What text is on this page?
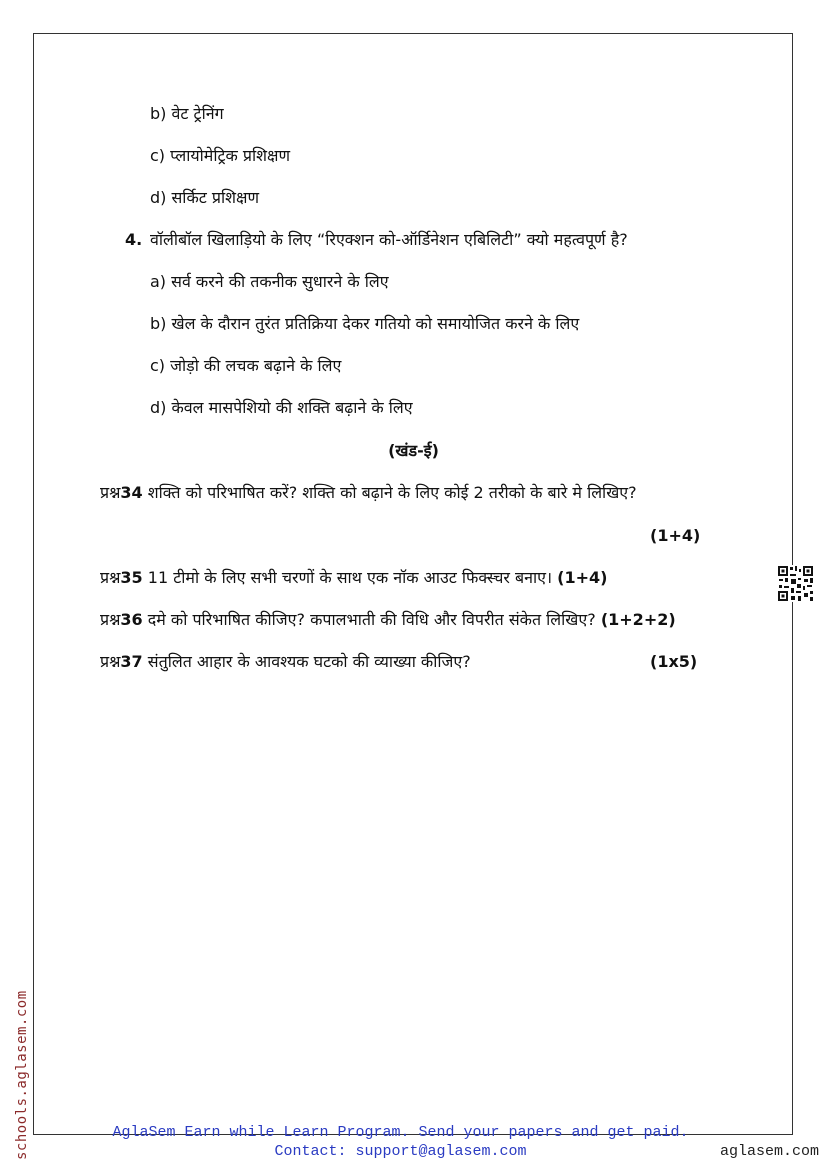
b) वेट ट्रेनिंग
c) प्लायोमेट्रिक प्रशिक्षण
d) सर्किट प्रशिक्षण
4. वॉलीबॉल खिलाड़ियो के लिए “रिएक्शन को-ऑर्डिनेशन एबिलिटी” क्यो महत्वपूर्ण है?
a) सर्व करने की तकनीक सुधारने के लिए
b) खेल के दौरान तुरंत प्रतिक्रिया देकर गतियो को समायोजित करने के लिए
c) जोड़ो की लचक बढ़ाने के लिए
d) केवल मासपेशियो की शक्ति बढ़ाने के लिए
(खंड-ई)
प्रश्न34 शक्ति को परिभाषित करें? शक्ति को बढ़ाने के लिए कोई 2 तरीको के बारे मे लिखिए?
(1+4)
प्रश्न35 11 टीमो के लिए सभी चरणों के साथ एक नॉक आउट फिक्स्चर बनाए। (1+4)
प्रश्न36 दमे को परिभाषित कीजिए? कपालभाती की विधि और विपरीत संकेत लिखिए? (1+2+2)
प्रश्न37 संतुलित आहार के आवश्यक घटको की व्याख्या कीजिए?	(1x5)
schools.aglasem.com	AglaSem Earn while Learn Program. Send your papers and get paid.
Contact: support@aglasem.com	aglasem.com
